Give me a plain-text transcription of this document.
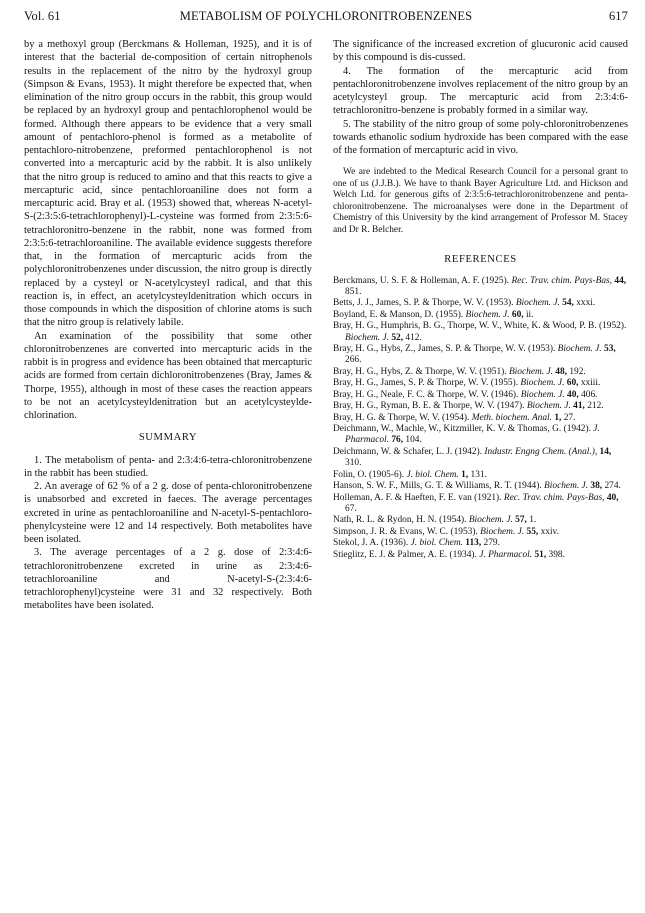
Vol. 61	METABOLISM OF POLYCHLORONITROBENZENES	617

by a methoxyl group (Berckmans & Holleman, 1925), and it is of interest that the bacterial de-composition of certain nitrophenols results in the replacement of the nitro by the hydroxyl group (Simpson & Evans, 1953). It might therefore be expected that, when elimination of the nitro group occurs in the rabbit, this group would be replaced by an hydroxyl group and pentachlorophenol would be formed. Although there appears to be evidence that a very small amount of pentachloro-phenol is formed as a metabolite of pentachloro-nitrobenzene, preformed pentachlorophenol is not converted into a mercapturic acid by the rabbit. It is also unlikely that the nitro group is reduced to amino and that this reacts to give a mercapturic acid, since pentachloroaniline does not form a mercapturic acid. Bray et al. (1953) showed that, whereas N-acetyl-S-(2:3:5:6-tetrachlorophenyl)-L-cysteine was formed from 2:3:5:6-tetrachloronitro-benzene in the rabbit, none was formed from 2:3:5:6-tetrachloroaniline. The available evidence suggests therefore that, in the formation of mercapturic acids from the polychloronitrobenzenes under discussion, the nitro group is directly replaced by a cysteyl or N-acetylcysteyl radical, and that this reaction is, in effect, an acetylcysteyldenitration which occurs in those compounds in which the disposition of chlorine atoms is such that the nitro group is relatively labile.

An examination of the possibility that some other chloronitrobenzenes are converted into mercapturic acids in the rabbit is in progress and evidence has been obtained that mercapturic acids are formed from certain dichloronitrobenzenes (Bray, James & Thorpe, 1955), although in most of these cases the reaction appears to be not an acetylcysteyldenitration but an acetylcysteylde-chlorination.

SUMMARY

1. The metabolism of penta- and 2:3:4:6-tetra-chloronitrobenzene in the rabbit has been studied.

2. An average of 62 % of a 2 g. dose of penta-chloronitrobenzene is unabsorbed and excreted in faeces. The average percentages excreted in urine as pentachloroaniline and N-acetyl-S-pentachloro-phenylcysteine were 12 and 14 respectively. Both metabolites have been isolated.

3. The average percentages of a 2 g. dose of 2:3:4:6-tetrachloronitrobenzene excreted in urine as 2:3:4:6-tetrachloroaniline and N-acetyl-S-(2:3:4:6-tetrachlorophenyl)cysteine were 31 and 32 respectively. Both metabolites have been isolated.

The significance of the increased excretion of glucuronic acid caused by this compound is dis-cussed.

4. The formation of the mercapturic acid from pentachloronitrobenzene involves replacement of the nitro group by an acetylcysteyl group. The mercapturic acid from 2:3:4:6-tetrachloronitro-benzene is probably formed in a similar way.

5. The stability of the nitro group of some poly-chloronitrobenzenes towards ethanolic sodium hydroxide has been compared with the ease of the formation of mercapturic acid in vivo.

We are indebted to the Medical Research Council for a personal grant to one of us (J.J.B.). We have to thank Bayer Agriculture Ltd. and Hickson and Welch Ltd. for generous gifts of 2:3:5:6-tetrachloronitrobenzene and penta-chloronitrobenzene. The microanalyses were done in the Department of Chemistry of this University by the kind arrangement of Professor M. Stacey and Dr R. Belcher.

REFERENCES
Berckmans, U. S. F. & Holleman, A. F. (1925). Rec. Trav. chim. Pays-Bas, 44, 851.
Betts, J. J., James, S. P. & Thorpe, W. V. (1953). Biochem. J. 54, xxxi.
Boyland, E. & Manson, D. (1955). Biochem. J. 60, ii.
Bray, H. G., Humphris, B. G., Thorpe, W. V., White, K. & Wood, P. B. (1952). Biochem. J. 52, 412.
Bray, H. G., Hybs, Z., James, S. P. & Thorpe, W. V. (1953). Biochem. J. 53, 266.
Bray, H. G., Hybs, Z. & Thorpe, W. V. (1951). Biochem. J. 48, 192.
Bray, H. G., James, S. P. & Thorpe, W. V. (1955). Biochem. J. 60, xxiii.
Bray, H. G., Neale, F. C. & Thorpe, W. V. (1946). Biochem. J. 40, 406.
Bray, H. G., Ryman, B. E. & Thorpe, W. V. (1947). Biochem. J. 41, 212.
Bray, H. G. & Thorpe, W. V. (1954). Meth. biochem. Anal. 1, 27.
Deichmann, W., Machle, W., Kitzmiller, K. V. & Thomas, G. (1942). J. Pharmacol. 76, 104.
Deichmann, W. & Schafer, L. J. (1942). Industr. Engng Chem. (Anal.), 14, 310.
Folin, O. (1905-6). J. biol. Chem. 1, 131.
Hanson, S. W. F., Mills, G. T. & Williams, R. T. (1944). Biochem. J. 38, 274.
Holleman, A. F. & Haeften, F. E. van (1921). Rec. Trav. chim. Pays-Bas, 40, 67.
Nath, R. L. & Rydon, H. N. (1954). Biochem. J. 57, 1.
Simpson, J. R. & Evans, W. C. (1953). Biochem. J. 55, xxiv.
Stekol, J. A. (1936). J. biol. Chem. 113, 279.
Stieglitz, E. J. & Palmer, A. E. (1934). J. Pharmacol. 51, 398.
